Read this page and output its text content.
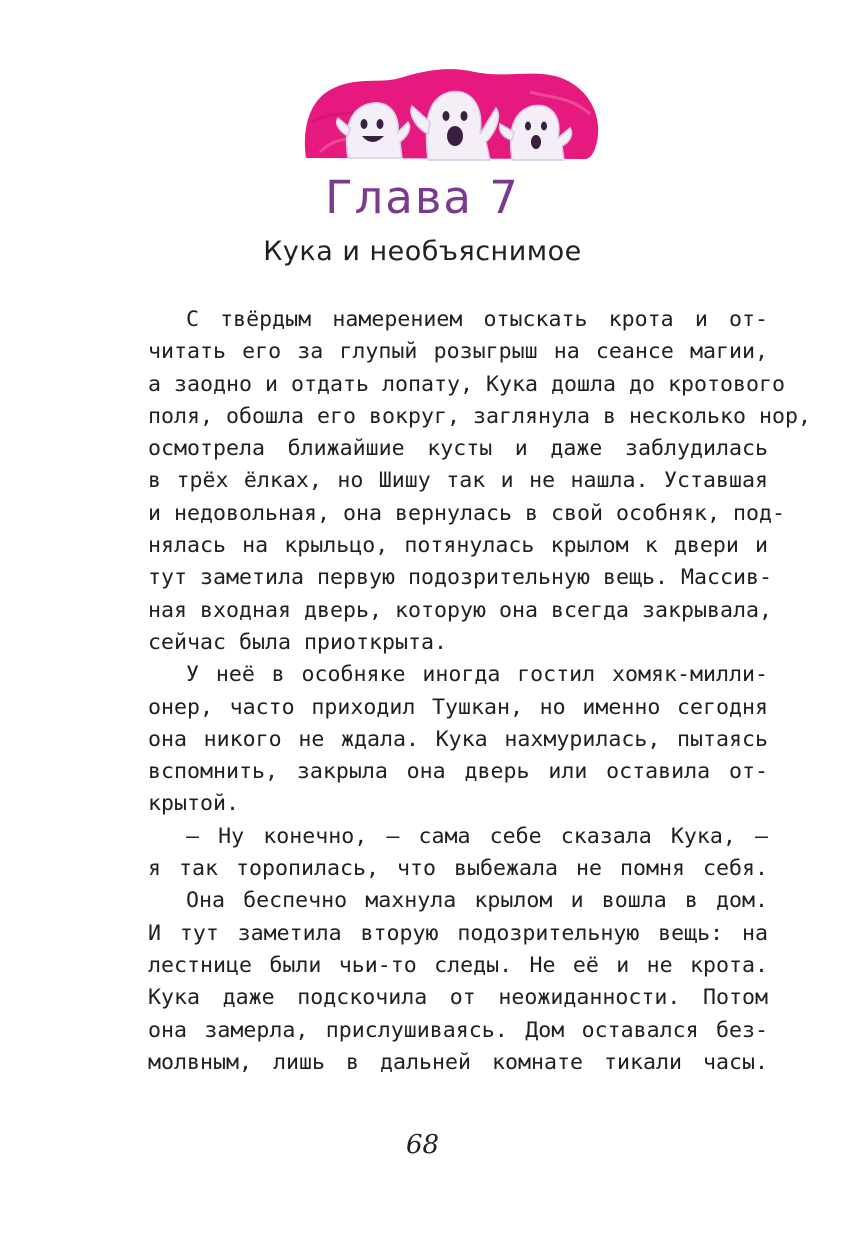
Глава 7
Кука и необъяснимое
С твёрдым намерением отыскать крота и от-
читать его за глупый розыгрыш на сеансе магии,
а заодно и отдать лопату, Кука дошла до кротового
поля, обошла его вокруг, заглянула в несколько нор,
осмотрела ближайшие кусты и даже заблудилась
в трёх ёлках, но Шишу так и не нашла. Уставшая
и недовольная, она вернулась в свой особняк, под-
нялась на крыльцо, потянулась крылом к двери и
тут заметила первую подозрительную вещь. Массив-
ная входная дверь, которую она всегда закрывала,
сейчас была приоткрыта.
У неё в особняке иногда гостил хомяк-милли-
онер, часто приходил Тушкан, но именно сегодня
она никого не ждала. Кука нахмурилась, пытаясь
вспомнить, закрыла она дверь или оставила от-
крытой.
— Ну конечно, — сама себе сказала Кука, —
я так торопилась, что выбежала не помня себя.
Она беспечно махнула крылом и вошла в дом.
И тут заметила вторую подозрительную вещь: на
лестнице были чьи-то следы. Не её и не крота.
Кука даже подскочила от неожиданности. Потом
она замерла, прислушиваясь. Дом оставался без-
молвным, лишь в дальней комнате тикали часы.
68
